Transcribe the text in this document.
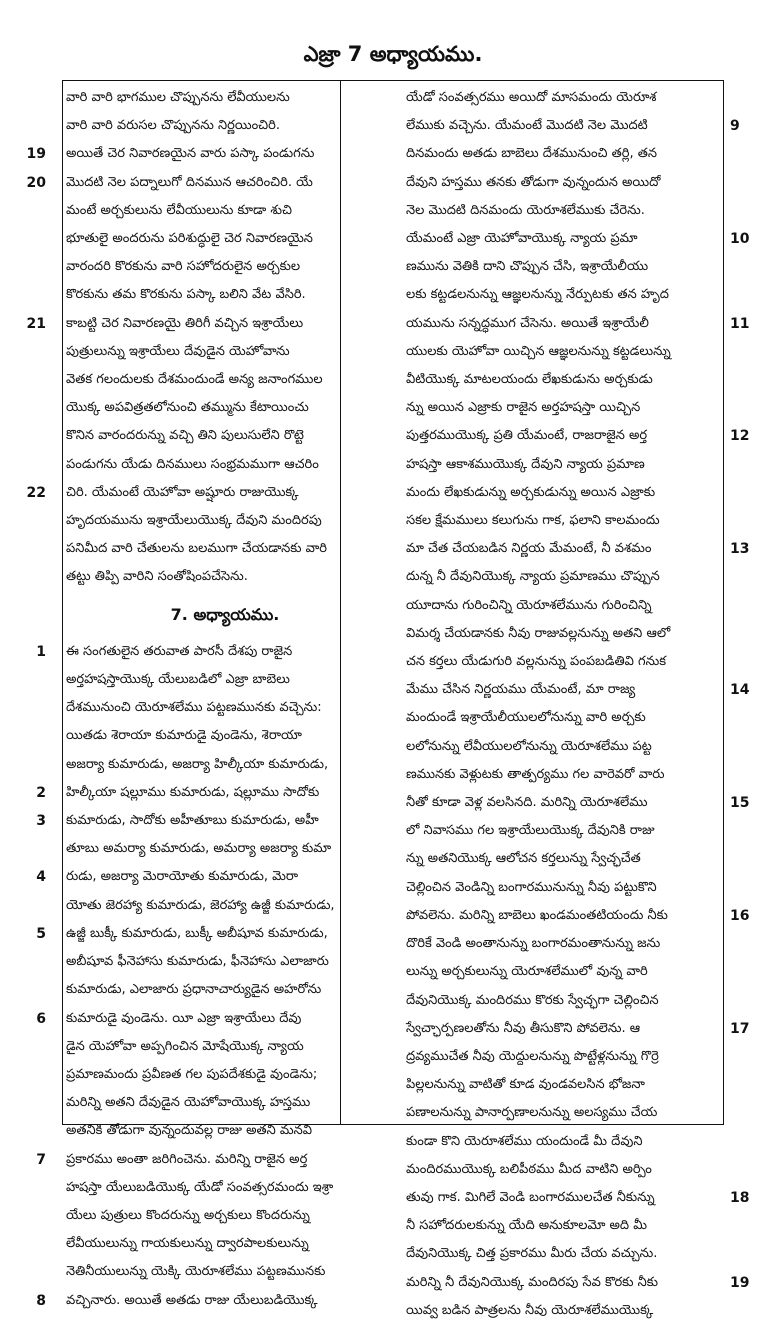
ఎజ్రా 7 అధ్యాయము.
వారి వారి భాగముల చొప్పునను లేవీయులను
వారి వారి వరుసల చొప్పునను నిర్ణయించిరి.
19 అయితే చెర నివారణయైన వారు పస్కా పండుగను
20 మొదటి నెల పద్నాలుగో దినమున ఆచరించిరి. యే
మంటే అర్చకులును లేవీయులును కూడా శుచి
భూతులై అందరును పరిశుద్ధులై చెర నివారణయైన
వారందరి కొరకును వారి సహోదరులైన అర్చకుల
కొరకును తమ కొరకును పస్కా బలిని వేట వేసిరి.
21 కాబట్టి చెర నివారణయై తిరిగీ వచ్చిన ఇశ్రాయేలు
పుత్రులున్ను ఇశ్రాయేలు దేవుడైన యెహోవాను
వెతక గలందులకు దేశమందుండే అన్య జనాంగముల
యొక్క అపవిత్రతలోనుంచి తమ్మును కేటాయించు
కొనిన వారందరున్ను వచ్చి తిని పులుసులేని రొట్టె
పండుగను యేడు దినములు సంభ్రమముగా ఆచరిం
22 చిరి. యేమంటే యెహోవా అష్షూరు రాజుయొక్క
హృదయమును ఇశ్రాయేలుయొక్క దేవుని మందిరపు
పనిమీద వారి చేతులను బలముగా చేయడానకు వారి
తట్టు తిప్పి వారిని సంతోషింపచేసెను.
7. అధ్యాయము.
1 ఈ సంగతులైన తరువాత పారసీ దేశపు రాజైన
అర్తహషస్తాయొక్క యేలుబడిలో ఎజ్రా బాబెలు
దేశమునుంచి యెరూశలేము పట్టణమునకు వచ్చెను:
యితడు శెరాయా కుమారుడై వుండెను, శెరాయా
అజర్యా కుమారుడు, అజర్యా హిల్కీయా కుమారుడు,
2 హిల్కీయా షల్లూము కుమారుడు, షల్లూము సాదోకు
3 కుమారుడు, సాదోకు అహీతూబు కుమారుడు, అహీ
తూబు అమర్యా కుమారుడు, అమర్యా అజర్యా కుమా
4 రుడు, అజర్యా మెరాయోతు కుమారుడు, మెరా
యోతు జెరహ్యా కుమారుడు, జెరహ్యా ఉజ్జీ కుమారుడు,
5 ఉజ్జీ బుక్కీ కుమారుడు, బుక్కీ అబీషూవ కుమారుడు,
అబీషూవ ఫీనెహాసు కుమారుడు, ఫీనెహాసు ఎలాజారు
కుమారుడు, ఎలాజారు ప్రధానాచార్యుడైన అహరోను
6 కుమారుడై వుండెను. యీ ఎజ్రా ఇశ్రాయేలు దేవు
డైన యెహోవా అప్పగించిన మోషేయొక్క న్యాయ
ప్రమాణమందు ప్రవీణత గల పుపదేశకుడై వుండెను;
మరిన్ని అతని దేవుడైన యెహోవాయొక్క హస్తము
అతనికి తోడుగా వున్నందువల్ల రాజు అతని మనవి
7 ప్రకారము అంతా జరిగించెను. మరిన్ని రాజైన అర్త
హషస్తా యేలుబడియొక్క యేడో సంవత్సరమందు ఇశ్రా
యేలు పుత్రులు కొందరున్ను అర్చకులు కొందరున్ను
లేవీయులున్ను గాయకులున్ను ద్వారపాలకులున్ను
నెతినీయులున్ను యెక్కి యెరూశలేము పట్టణమునకు
8 వచ్చినారు. అయితే అతడు రాజు యేలుబడియొక్క
యేడో సంవత్సరము అయిదో మాసమందు యెరూశ
లేముకు వచ్చెను. యేమంటే మొదటి నెల మొదటి	9
దినమందు అతడు బాబెలు దేశమునుంచి తర్లి, తన
దేవుని హస్తము తనకు తోడుగా వున్నందున అయిదో
నెల మొదటి దినమందు యెరూశలేముకు చేరెను.
10
యేమంటే ఎజ్రా యెహోవాయొక్క న్యాయ ప్రమా
ణమును వెతికి దాని చొప్పున చేసి, ఇశ్రాయేలీయు
లకు కట్టడలనున్ను ఆజ్ఞలనున్ను నేర్పుటకు తన హృద
11
యమును సన్నద్ధముగ చేసెను. అయితే ఇశ్రాయేలీ
యులకు యెహోవా యిచ్చిన ఆజ్ఞలనున్ను కట్టడలున్ను
వీటియొక్క మాటలయందు లేఖకుడును అర్చకుడు
న్ను అయిన ఎజ్రాకు రాజైన అర్తహషస్తా యిచ్చిన
12
పుత్తరముయొక్క ప్రతి యేమంటే, రాజరాజైన అర్త
హషస్తా ఆకాశముయొక్క దేవుని న్యాయ ప్రమాణ
మందు లేఖకుడున్ను అర్చకుడున్ను అయిన ఎజ్రాకు
సకల క్షేమములు కలుగును గాక, ఫలాని కాలమందు
13
మా చేత చేయబడిన నిర్ణయ మేమంటే, నీ వశమం
దున్న నీ దేవునియొక్క న్యాయ ప్రమాణము చొప్పున
యూదాను గురించిన్ని యెరూశలేమును గురించిన్ని
విమర్శ చేయడానకు నీవు రాజువల్లనున్ను అతని ఆలో
చన కర్తలు యేడుగురి వల్లనున్ను పంపబడితివి గనుక
14
మేము చేసిన నిర్ణయము యేమంటే, మా రాజ్య
మందుండే ఇశ్రాయేలీయులలోనున్ను వారి అర్చకు
లలోనున్ను లేవీయులలోనున్ను యెరూశలేము పట్ట
ణమునకు వెళ్లుటకు తాత్పర్యము గల వారెవరో వారు
15
నీతో కూడా వెళ్ల వలసినది. మరిన్ని యెరూశలేము
లో నివాసము గల ఇశ్రాయేలుయొక్క దేవునికి రాజు
న్ను అతనియొక్క ఆలోచన కర్తలున్ను స్వేచ్ఛచేత
చెల్లించిన వెండిన్ని బంగారమునున్ను నీవు పట్టుకొని
16
పోవలెను. మరిన్ని బాబెలు ఖండమంతటియందు నీకు
దొరికే వెండి అంతానున్ను బంగారమంతానున్ను జను
లున్ను అర్చకులున్ను యెరూశలేములో వున్న వారి
దేవునియొక్క మందిరము కొరకు స్వేచ్ఛగా చెల్లించిన
17
స్వేచ్ఛార్పణలతోను నీవు తీసుకొని పోవలెను. ఆ
ద్రవ్యముచేత నీవు యెద్దులనున్ను పొట్టేళ్లనున్ను గొర్రె
పిల్లలనున్ను వాటితో కూడ వుండవలసిన భోజనా
పణాలనున్ను పానార్పణాలనున్ను అలస్యము చేయ
కుండా కొని యెరూశలేము యందుండే మీ దేవుని
మందిరముయొక్క బలిపీఠము మీద వాటిని అర్పిం
18
తువు గాక. మిగిలే వెండి బంగారములచేత నీకున్ను
నీ సహోదరులకున్ను యేది అనుకూలమో అది మీ
దేవునియొక్క చిత్త ప్రకారము మీరు చేయ వచ్చును.
19
మరిన్ని నీ దేవునియొక్క మందిరపు సేవ కొరకు నీకు
యివ్వ బడిన పాత్రలను నీవు యెరూశలేముయొక్క
